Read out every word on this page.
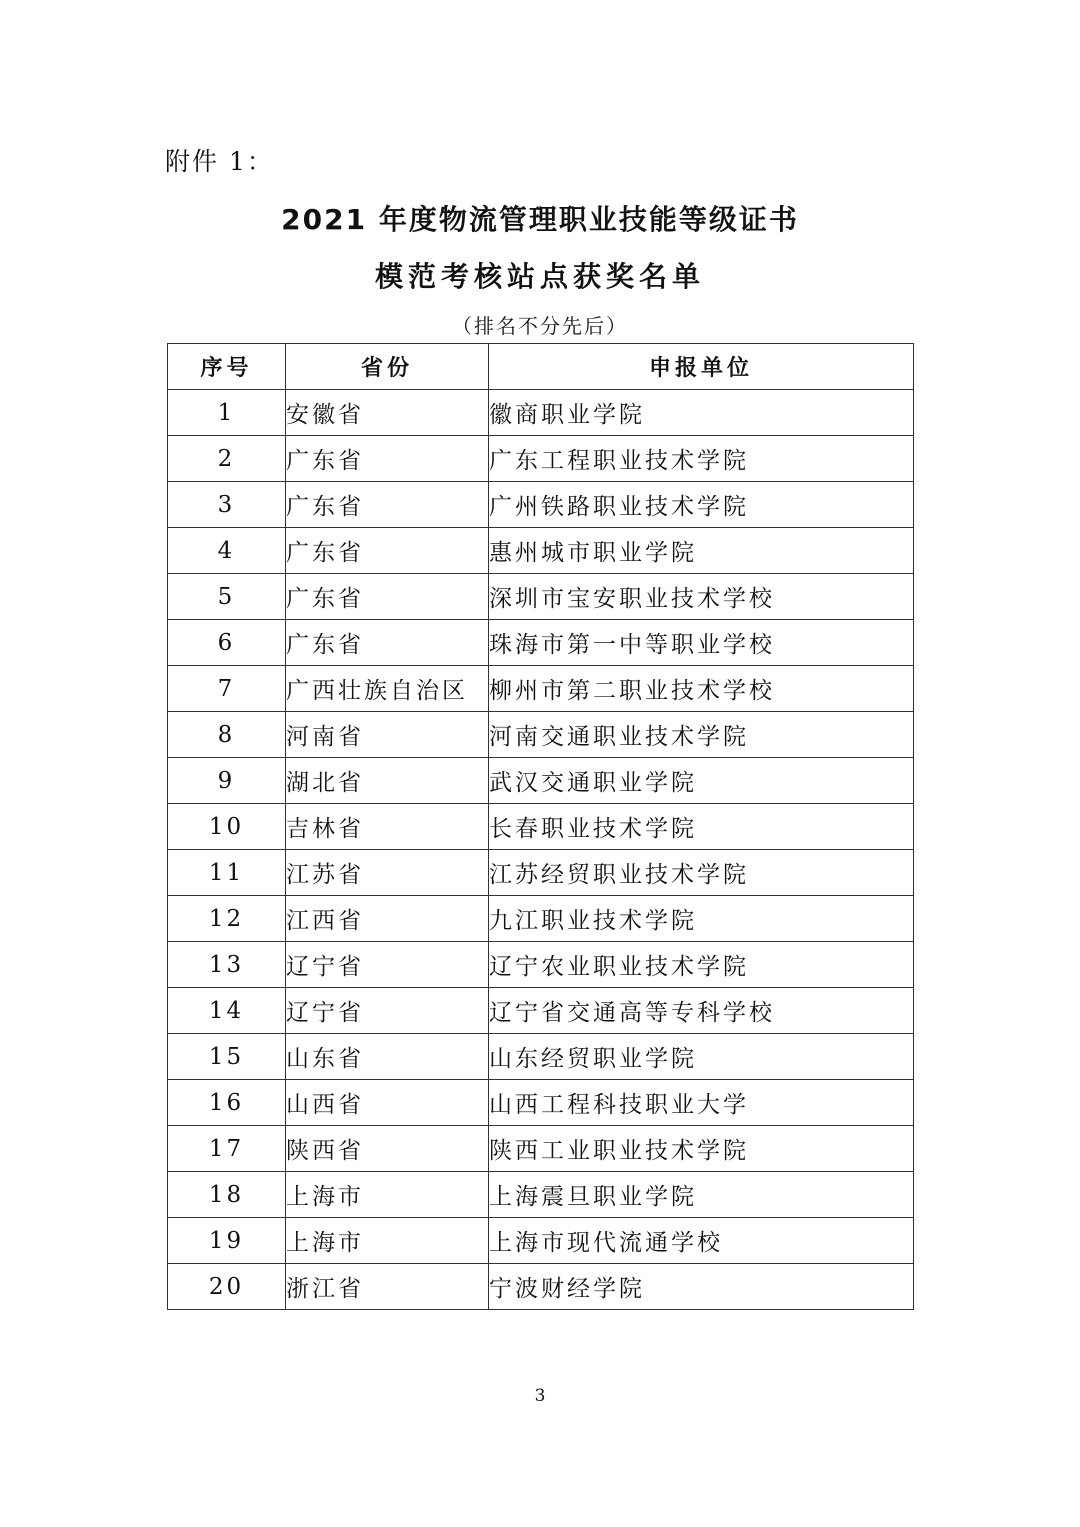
附件 1：
2021 年度物流管理职业技能等级证书
模范考核站点获奖名单
（排名不分先后）
序号	省份	申报单位
1	安徽省	徽商职业学院
2	广东省	广东工程职业技术学院
3	广东省	广州铁路职业技术学院
4	广东省	惠州城市职业学院
5	广东省	深圳市宝安职业技术学校
6	广东省	珠海市第一中等职业学校
7	广西壮族自治区	柳州市第二职业技术学校
8	河南省	河南交通职业技术学院
9	湖北省	武汉交通职业学院
10	吉林省	长春职业技术学院
11	江苏省	江苏经贸职业技术学院
12	江西省	九江职业技术学院
13	辽宁省	辽宁农业职业技术学院
14	辽宁省	辽宁省交通高等专科学校
15	山东省	山东经贸职业学院
16	山西省	山西工程科技职业大学
17	陕西省	陕西工业职业技术学院
18	上海市	上海震旦职业学院
19	上海市	上海市现代流通学校
20	浙江省	宁波财经学院
3
